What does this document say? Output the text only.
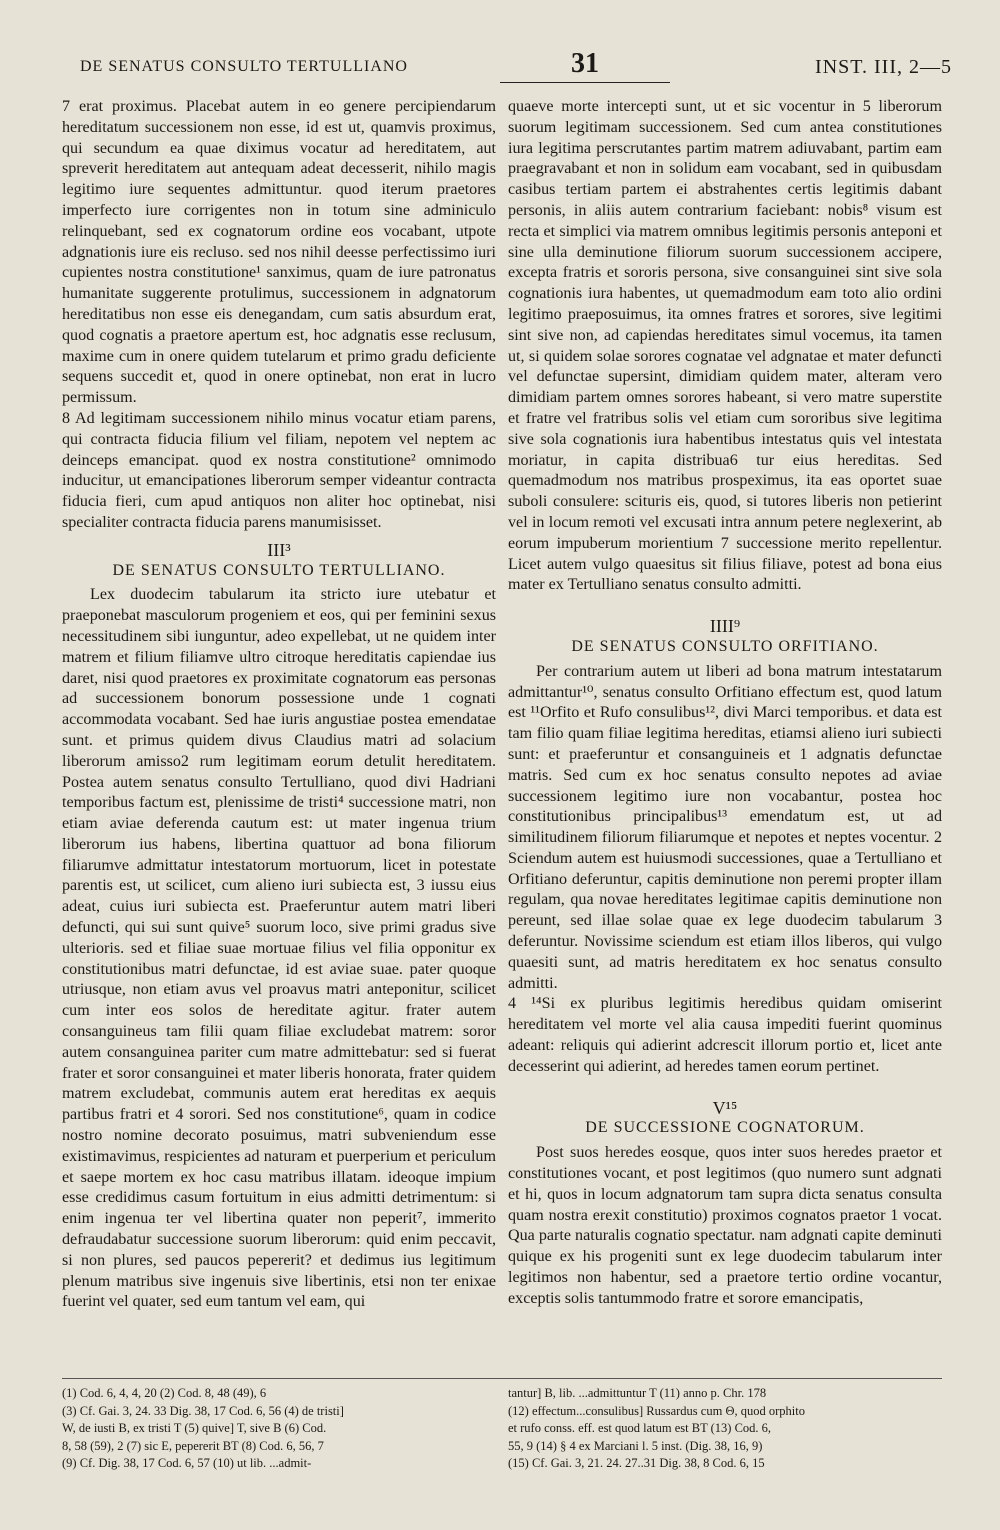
DE SENATUS CONSULTO TERTULLIANO	31	INST. III, 2—5

7 erat proximus. Placebat autem in eo genere percipiendarum hereditatum successionem non esse, id est ut, quamvis proximus, qui secundum ea quae diximus vocatur ad hereditatem, aut spreverit hereditatem aut antequam adeat decesserit, nihilo magis legitimo iure sequentes admittuntur. quod iterum praetores imperfecto iure corrigentes non in totum sine adminiculo relinquebant, sed ex cognatorum ordine eos vocabant, utpote adgnationis iure eis recluso. sed nos nihil deesse perfectissimo iuri cupientes nostra constitutione¹ sanximus, quam de iure patronatus humanitate suggerente protulimus, successionem in adgnatorum hereditatibus non esse eis denegandam, cum satis absurdum erat, quod cognatis a praetore apertum est, hoc adgnatis esse reclusum, maxime cum in onere quidem tutelarum et primo gradu deficiente sequens succedit et, quod in onere optinebat, non erat in lucro permissum.

8 Ad legitimam successionem nihilo minus vocatur etiam parens, qui contracta fiducia filium vel filiam, nepotem vel neptem ac deinceps emancipat. quod ex nostra constitutione² omnimodo inducitur, ut emancipationes liberorum semper videantur contracta fiducia fieri, cum apud antiquos non aliter hoc optinebat, nisi specialiter contracta fiducia parens manumisisset.

III³
DE SENATUS CONSULTO TERTULLIANO.

Lex duodecim tabularum ita stricto iure utebatur et praeponebat masculorum progeniem et eos, qui per feminini sexus necessitudinem sibi iunguntur, adeo expellebat, ut ne quidem inter matrem et filium filiamve ultro citroque hereditatis capiendae ius daret, nisi quod praetores ex proximitate cognatorum eas personas ad successionem bonorum possessione unde 1 cognati accommodata vocabant. Sed hae iuris angustiae postea emendatae sunt. et primus quidem divus Claudius matri ad solacium liberorum amisso2 rum legitimam eorum detulit hereditatem. Postea autem senatus consulto Tertulliano, quod divi Hadriani temporibus factum est, plenissime de tristi⁴ successione matri, non etiam aviae deferenda cautum est: ut mater ingenua trium liberorum ius habens, libertina quattuor ad bona filiorum filiarumve admittatur intestatorum mortuorum, licet in potestate parentis est, ut scilicet, cum alieno iuri subiecta est, 3 iussu eius adeat, cuius iuri subiecta est. Praeferuntur autem matri liberi defuncti, qui sui sunt quive⁵ suorum loco, sive primi gradus sive ulterioris. sed et filiae suae mortuae filius vel filia opponitur ex constitutionibus matri defunctae, id est aviae suae. pater quoque utriusque, non etiam avus vel proavus matri anteponitur, scilicet cum inter eos solos de hereditate agitur. frater autem consanguineus tam filii quam filiae excludebat matrem: soror autem consanguinea pariter cum matre admittebatur: sed si fuerat frater et soror consanguinei et mater liberis honorata, frater quidem matrem excludebat, communis autem erat hereditas ex aequis partibus fratri et 4 sorori. Sed nos constitutione⁶, quam in codice nostro nomine decorato posuimus, matri subveniendum esse existimavimus, respicientes ad naturam et puerperium et periculum et saepe mortem ex hoc casu matribus illatam. ideoque impium esse credidimus casum fortuitum in eius admitti detrimentum: si enim ingenua ter vel libertina quater non peperit⁷, immerito defraudabatur successione suorum liberorum: quid enim peccavit, si non plures, sed paucos pepererit? et dedimus ius legitimum plenum matribus sive ingenuis sive libertinis, etsi non ter enixae fuerint vel quater, sed eum tantum vel eam, qui

quaeve morte intercepti sunt, ut et sic vocentur in 5 liberorum suorum legitimam successionem. Sed cum antea constitutiones iura legitima perscrutantes partim matrem adiuvabant, partim eam praegravabant et non in solidum eam vocabant, sed in quibusdam casibus tertiam partem ei abstrahentes certis legitimis dabant personis, in aliis autem contrarium faciebant: nobis⁸ visum est recta et simplici via matrem omnibus legitimis personis anteponi et sine ulla deminutione filiorum suorum successionem accipere, excepta fratris et sororis persona, sive consanguinei sint sive sola cognationis iura habentes, ut quemadmodum eam toto alio ordini legitimo praeposuimus, ita omnes fratres et sorores, sive legitimi sint sive non, ad capiendas hereditates simul vocemus, ita tamen ut, si quidem solae sorores cognatae vel adgnatae et mater defuncti vel defunctae supersint, dimidiam quidem mater, alteram vero dimidiam partem omnes sorores habeant, si vero matre superstite et fratre vel fratribus solis vel etiam cum sororibus sive legitima sive sola cognationis iura habentibus intestatus quis vel intestata moriatur, in capita distribua6 tur eius hereditas. Sed quemadmodum nos matribus prospeximus, ita eas oportet suae suboli consulere: scituris eis, quod, si tutores liberis non petierint vel in locum remoti vel excusati intra annum petere neglexerint, ab eorum impuberum morientium 7 successione merito repellentur. Licet autem vulgo quaesitus sit filius filiave, potest ad bona eius mater ex Tertulliano senatus consulto admitti.

IIII⁹
DE SENATUS CONSULTO ORFITIANO.

Per contrarium autem ut liberi ad bona matrum intestatarum admittantur¹⁰, senatus consulto Orfitiano effectum est, quod latum est ¹¹Orfito et Rufo consulibus¹², divi Marci temporibus. et data est tam filio quam filiae legitima hereditas, etiamsi alieno iuri subiecti sunt: et praeferuntur et consanguineis et 1 adgnatis defunctae matris. Sed cum ex hoc senatus consulto nepotes ad aviae successionem legitimo iure non vocabantur, postea hoc constitutionibus principalibus¹³ emendatum est, ut ad similitudinem filiorum filiarumque et nepotes et neptes vocentur. 2 Sciendum autem est huiusmodi successiones, quae a Tertulliano et Orfitiano deferuntur, capitis deminutione non peremi propter illam regulam, qua novae hereditates legitimae capitis deminutione non pereunt, sed illae solae quae ex lege duodecim tabularum 3 deferuntur. Novissime sciendum est etiam illos liberos, qui vulgo quaesiti sunt, ad matris hereditatem ex hoc senatus consulto admitti.

4 ¹⁴Si ex pluribus legitimis heredibus quidam omiserint hereditatem vel morte vel alia causa impediti fuerint quominus adeant: reliquis qui adierint adcrescit illorum portio et, licet ante decesserint qui adierint, ad heredes tamen eorum pertinet.

V¹⁵
DE SUCCESSIONE COGNATORUM.

Post suos heredes eosque, quos inter suos heredes praetor et constitutiones vocant, et post legitimos (quo numero sunt adgnati et hi, quos in locum adgnatorum tam supra dicta senatus consulta quam nostra erexit constitutio) proximos cognatos praetor 1 vocat. Qua parte naturalis cognatio spectatur. nam adgnati capite deminuti quique ex his progeniti sunt ex lege duodecim tabularum inter legitimos non habentur, sed a praetore tertio ordine vocantur, exceptis solis tantummodo fratre et sorore emancipatis,

(1) Cod. 6, 4, 4, 20 (2) Cod. 8, 48 (49), 6
(3) Cf. Gai. 3, 24. 33 Dig. 38, 17 Cod. 6, 56 (4) de tristi]
W, de iusti B, ex tristi T (5) quive] T, sive B (6) Cod.
8, 58 (59), 2 (7) sic E, pepererit BT (8) Cod. 6, 56, 7
(9) Cf. Dig. 38, 17 Cod. 6, 57 (10) ut lib. ...admit-
tantur] B, lib. ...admittuntur T (11) anno p. Chr. 178
(12) effectum...consulibus] Russardus cum Θ, quod orphito
et rufo conss. eff. est quod latum est BT (13) Cod. 6,
55, 9 (14) § 4 ex Marciani l. 5 inst. (Dig. 38, 16, 9)
(15) Cf. Gai. 3, 21. 24. 27..31 Dig. 38, 8 Cod. 6, 15
